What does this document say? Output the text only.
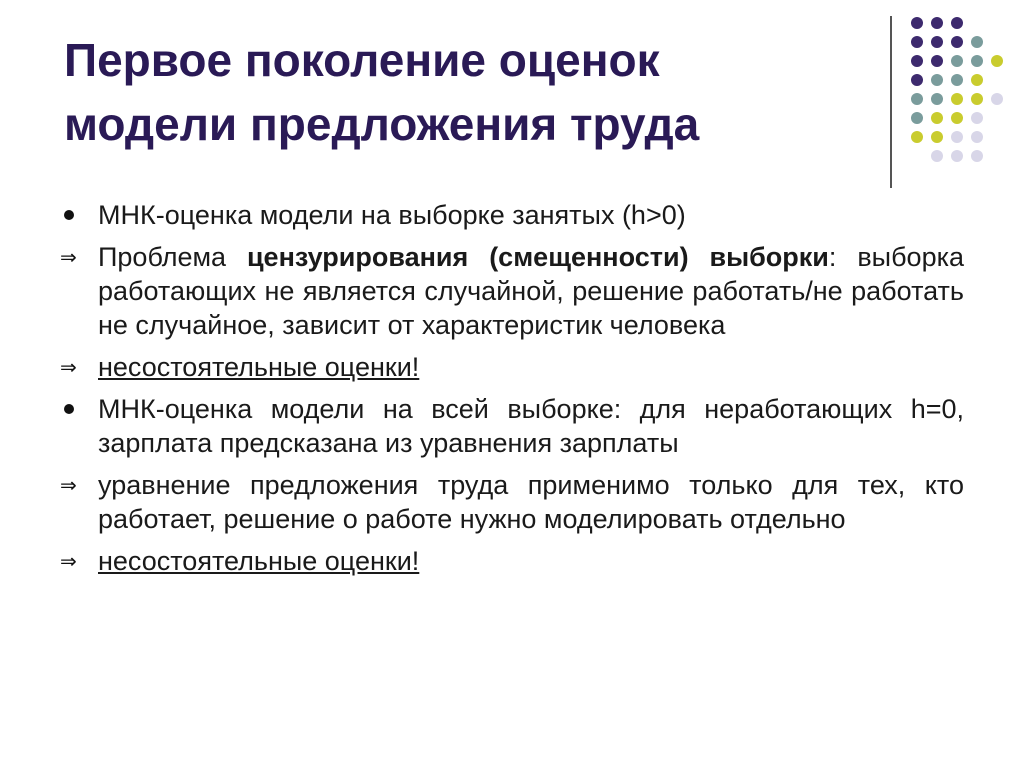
Первое поколение оценок
модели предложения труда
МНК-оценка модели на выборке занятых (h>0)
⇒ Проблема цензурирования (смещенности) выборки: выборка работающих не является случайной, решение работать/не работать не случайное, зависит от характеристик человека
⇒ несостоятельные оценки!
МНК-оценка модели на всей выборке: для неработающих h=0, зарплата предсказана из уравнения зарплаты
⇒ уравнение предложения труда применимо только для тех, кто работает, решение о работе нужно моделировать отдельно
⇒ несостоятельные оценки!
